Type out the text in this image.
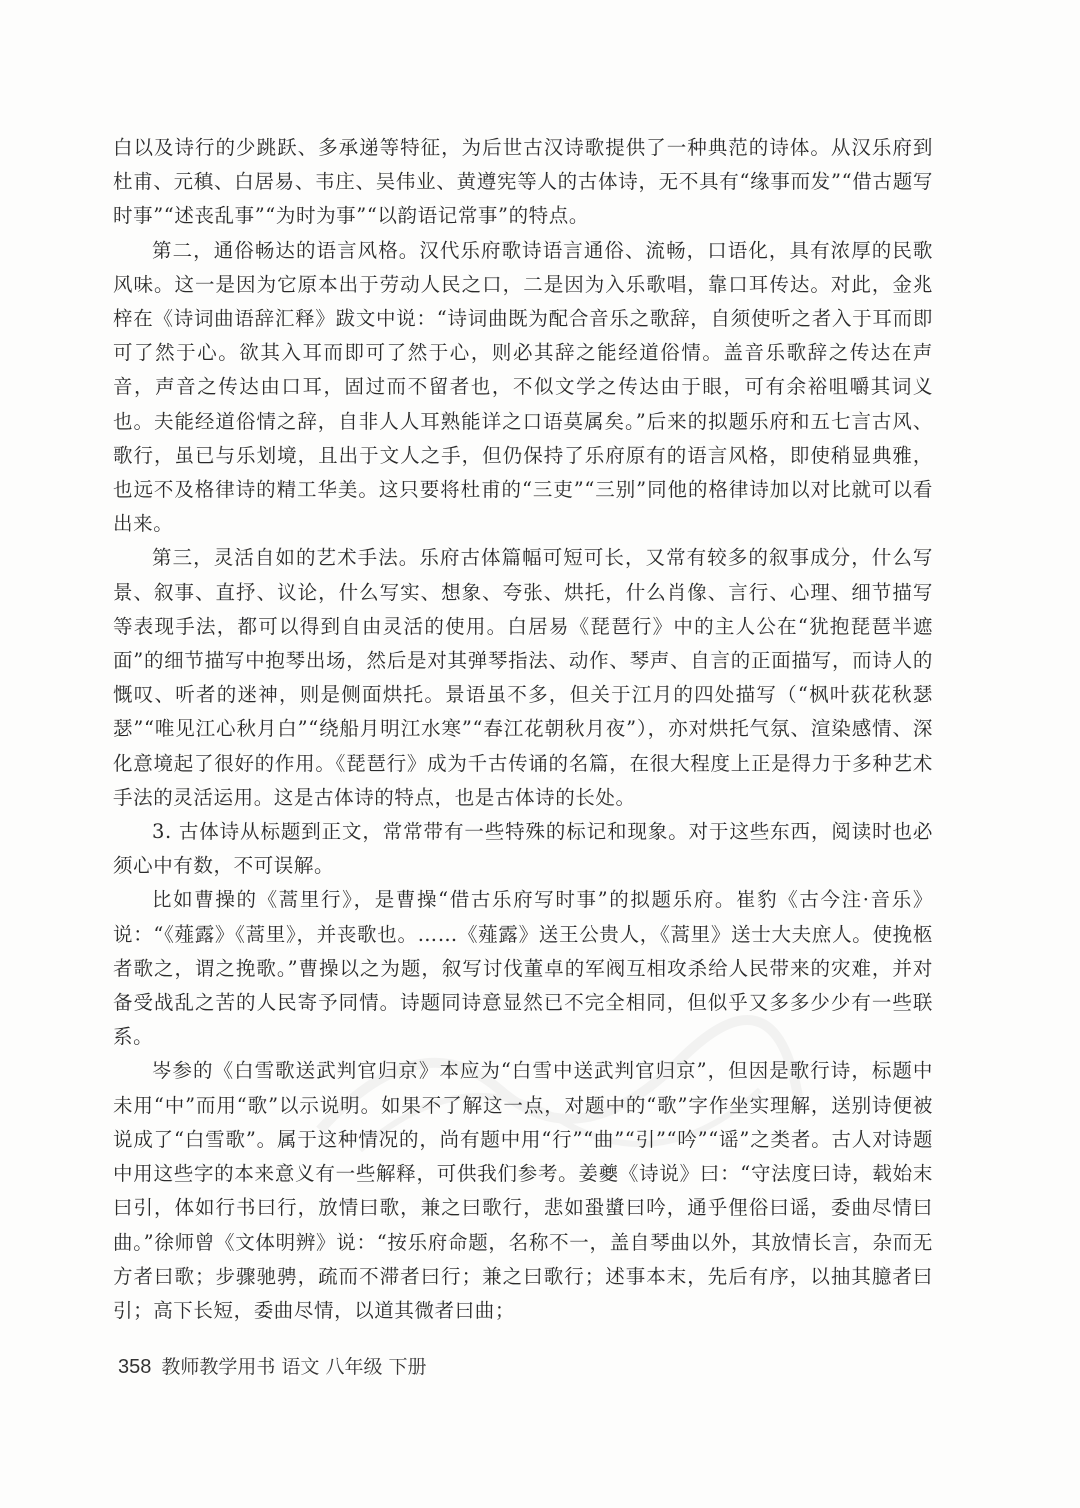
白以及诗行的少跳跃、多承递等特征，为后世古汉诗歌提供了一种典范的诗体。从汉乐府到杜甫、元稹、白居易、韦庄、吴伟业、黄遵宪等人的古体诗，无不具有“缘事而发”“借古题写时事”“述丧乱事”“为时为事”“以韵语记常事”的特点。

第二，通俗畅达的语言风格。汉代乐府歌诗语言通俗、流畅，口语化，具有浓厚的民歌风味。这一是因为它原本出于劳动人民之口，二是因为入乐歌唱，靠口耳传达。对此，金兆梓在《诗词曲语辞汇释》跋文中说：“诗词曲既为配合音乐之歌辞，自须使听之者入于耳而即可了然于心。欲其入耳而即可了然于心，则必其辞之能经道俗情。盖音乐歌辞之传达在声音，声音之传达由口耳，固过而不留者也，不似文学之传达由于眼，可有余裕咀嚼其词义也。夫能经道俗情之辞，自非人人耳熟能详之口语莫属矣。”后来的拟题乐府和五七言古风、歌行，虽已与乐划境，且出于文人之手，但仍保持了乐府原有的语言风格，即使稍显典雅，也远不及格律诗的精工华美。这只要将杜甫的“三吏”“三别”同他的格律诗加以对比就可以看出来。

第三，灵活自如的艺术手法。乐府古体篇幅可短可长，又常有较多的叙事成分，什么写景、叙事、直抒、议论，什么写实、想象、夸张、烘托，什么肖像、言行、心理、细节描写等表现手法，都可以得到自由灵活的使用。白居易《琵琶行》中的主人公在“犹抱琵琶半遮面”的细节描写中抱琴出场，然后是对其弹琴指法、动作、琴声、自言的正面描写，而诗人的慨叹、听者的迷神，则是侧面烘托。景语虽不多，但关于江月的四处描写（“枫叶荻花秋瑟瑟”“唯见江心秋月白”“绕船月明江水寒”“春江花朝秋月夜”），亦对烘托气氛、渲染感情、深化意境起了很好的作用。《琵琶行》成为千古传诵的名篇，在很大程度上正是得力于多种艺术手法的灵活运用。这是古体诗的特点，也是古体诗的长处。

3. 古体诗从标题到正文，常常带有一些特殊的标记和现象。对于这些东西，阅读时也必须心中有数，不可误解。

比如曹操的《蒿里行》，是曹操“借古乐府写时事”的拟题乐府。崔豹《古今注·音乐》说：“《薤露》《蒿里》，并丧歌也。……《薤露》送王公贵人，《蒿里》送士大夫庶人。使挽柩者歌之，谓之挽歌。”曹操以之为题，叙写讨伐董卓的军阀互相攻杀给人民带来的灾难，并对备受战乱之苦的人民寄予同情。诗题同诗意显然已不完全相同，但似乎又多多少少有一些联系。

岑参的《白雪歌送武判官归京》本应为“白雪中送武判官归京”，但因是歌行诗，标题中未用“中”而用“歌”以示说明。如果不了解这一点，对题中的“歌”字作坐实理解，送别诗便被说成了“白雪歌”。属于这种情况的，尚有题中用“行”“曲”“引”“吟”“谣”之类者。古人对诗题中用这些字的本来意义有一些解释，可供我们参考。姜夔《诗说》曰：“守法度曰诗，载始末曰引，体如行书曰行，放情曰歌，兼之曰歌行，悲如蛩螿曰吟，通乎俚俗曰谣，委曲尽情曰曲。”徐师曾《文体明辨》说：“按乐府命题，名称不一，盖自琴曲以外，其放情长言，杂而无方者曰歌；步骤驰骋，疏而不滞者曰行；兼之曰歌行；述事本末，先后有序，以抽其臆者曰引；高下长短，委曲尽情，以道其微者曰曲；

358 教师教学用书 语文 八年级 下册
